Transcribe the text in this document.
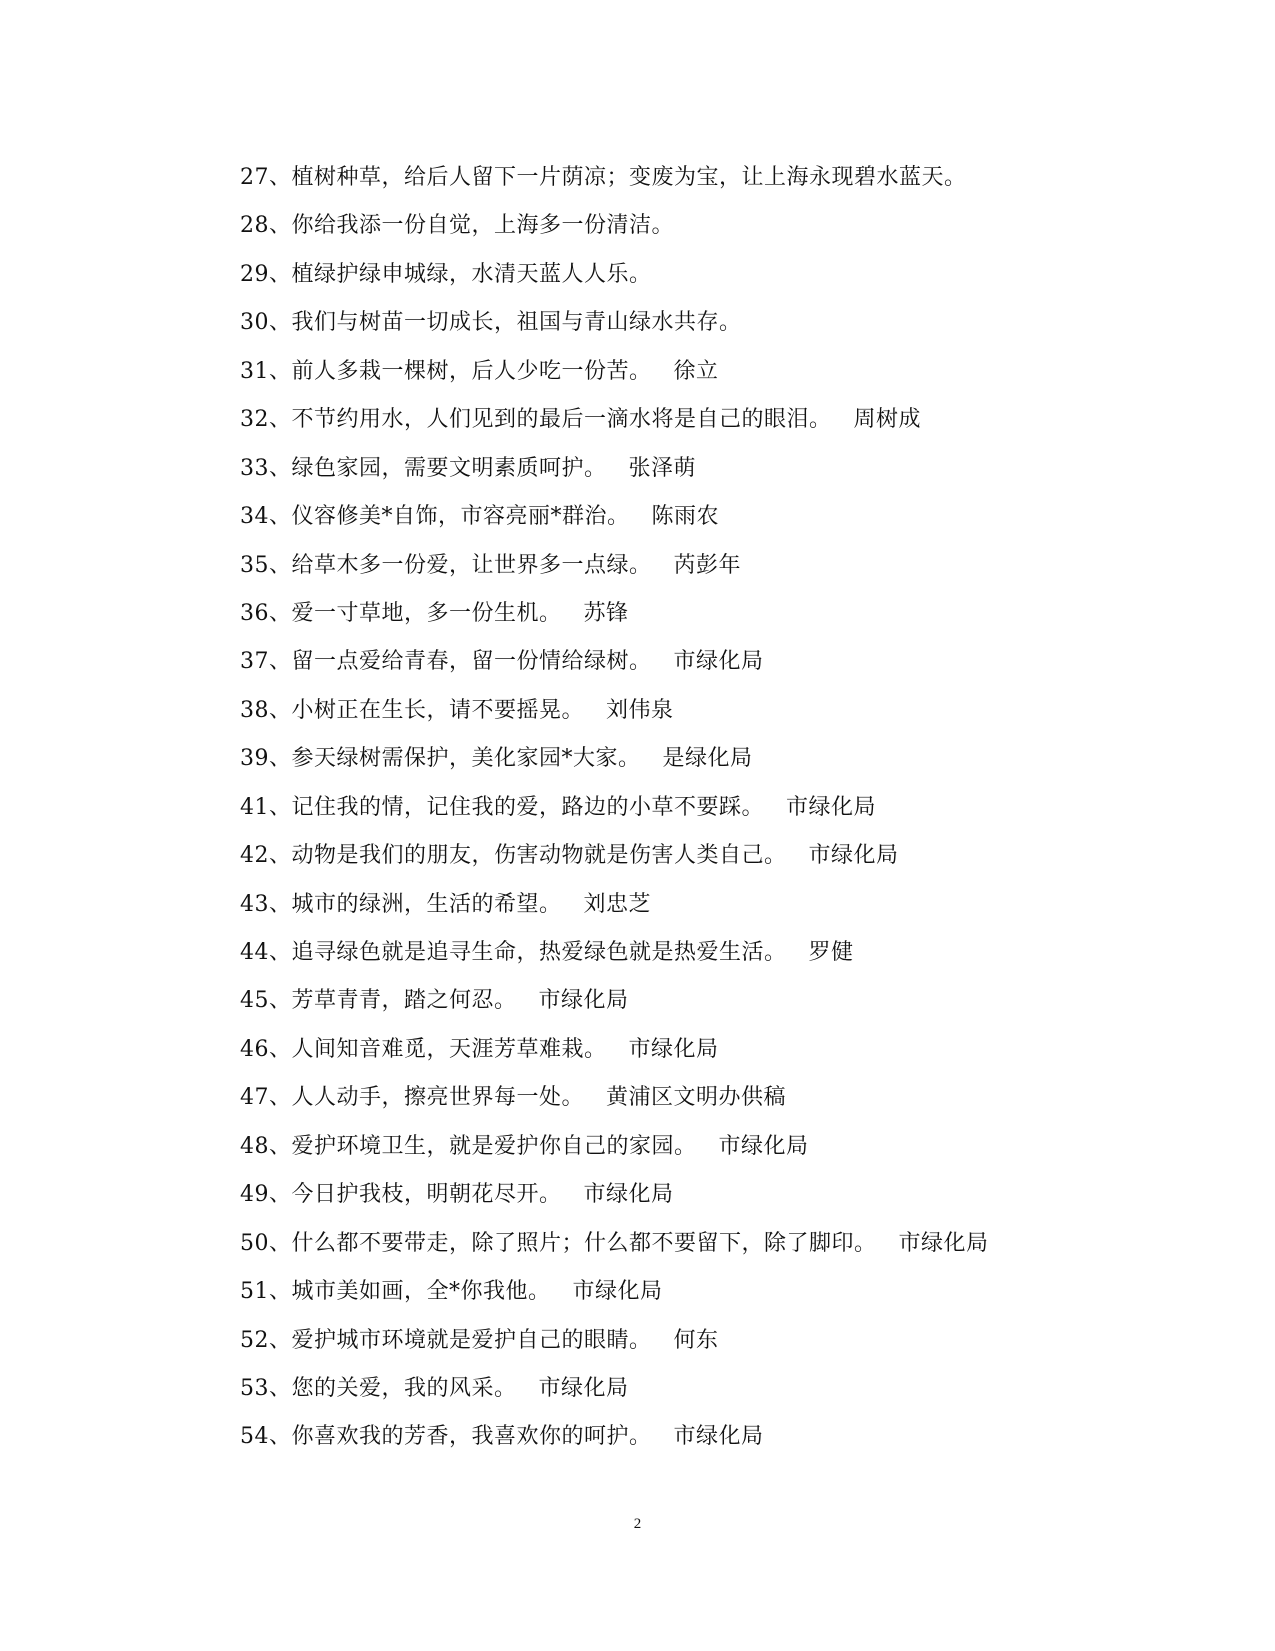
27、植树种草，给后人留下一片荫凉；变废为宝，让上海永现碧水蓝天。
28、你给我添一份自觉，上海多一份清洁。
29、植绿护绿申城绿，水清天蓝人人乐。
30、我们与树苗一切成长，祖国与青山绿水共存。
31、前人多栽一棵树，后人少吃一份苦。 徐立
32、不节约用水，人们见到的最后一滴水将是自己的眼泪。 周树成
33、绿色家园，需要文明素质呵护。 张泽萌
34、仪容修美*自饰，市容亮丽*群治。 陈雨农
35、给草木多一份爱，让世界多一点绿。 芮彭年
36、爱一寸草地，多一份生机。 苏锋
37、留一点爱给青春，留一份情给绿树。 市绿化局
38、小树正在生长，请不要摇晃。 刘伟泉
39、参天绿树需保护，美化家园*大家。 是绿化局
41、记住我的情，记住我的爱，路边的小草不要踩。 市绿化局
42、动物是我们的朋友，伤害动物就是伤害人类自己。 市绿化局
43、城市的绿洲，生活的希望。 刘忠芝
44、追寻绿色就是追寻生命，热爱绿色就是热爱生活。 罗健
45、芳草青青，踏之何忍。 市绿化局
46、人间知音难觅，天涯芳草难栽。 市绿化局
47、人人动手，擦亮世界每一处。 黄浦区文明办供稿
48、爱护环境卫生，就是爱护你自己的家园。 市绿化局
49、今日护我枝，明朝花尽开。 市绿化局
50、什么都不要带走，除了照片；什么都不要留下，除了脚印。 市绿化局
51、城市美如画，全*你我他。 市绿化局
52、爱护城市环境就是爱护自己的眼睛。 何东
53、您的关爱，我的风采。 市绿化局
54、你喜欢我的芳香，我喜欢你的呵护。 市绿化局
2
